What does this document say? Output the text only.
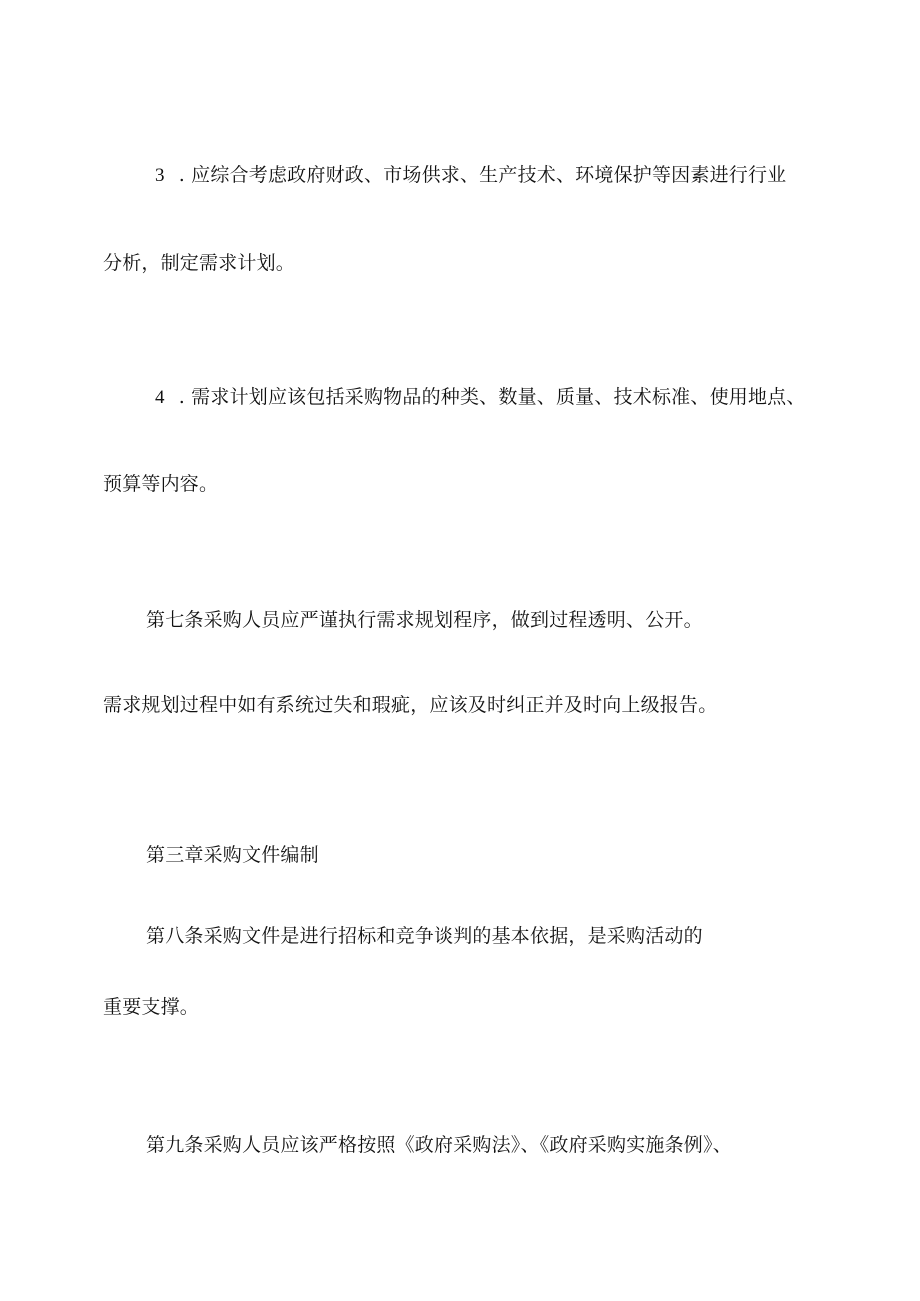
3 . 应综合考虑政府财政、市场供求、生产技术、环境保护等因素进行行业
分析，制定需求计划。
4 . 需求计划应该包括采购物品的种类、数量、质量、技术标准、使用地点、
预算等内容。
第七条采购人员应严谨执行需求规划程序，做到过程透明、公开。
需求规划过程中如有系统过失和瑕疵，应该及时纠正并及时向上级报告。
第三章采购文件编制
第八条采购文件是进行招标和竞争谈判的基本依据，是采购活动的
重要支撑。
第九条采购人员应该严格按照《政府采购法》、《政府采购实施条例》、
